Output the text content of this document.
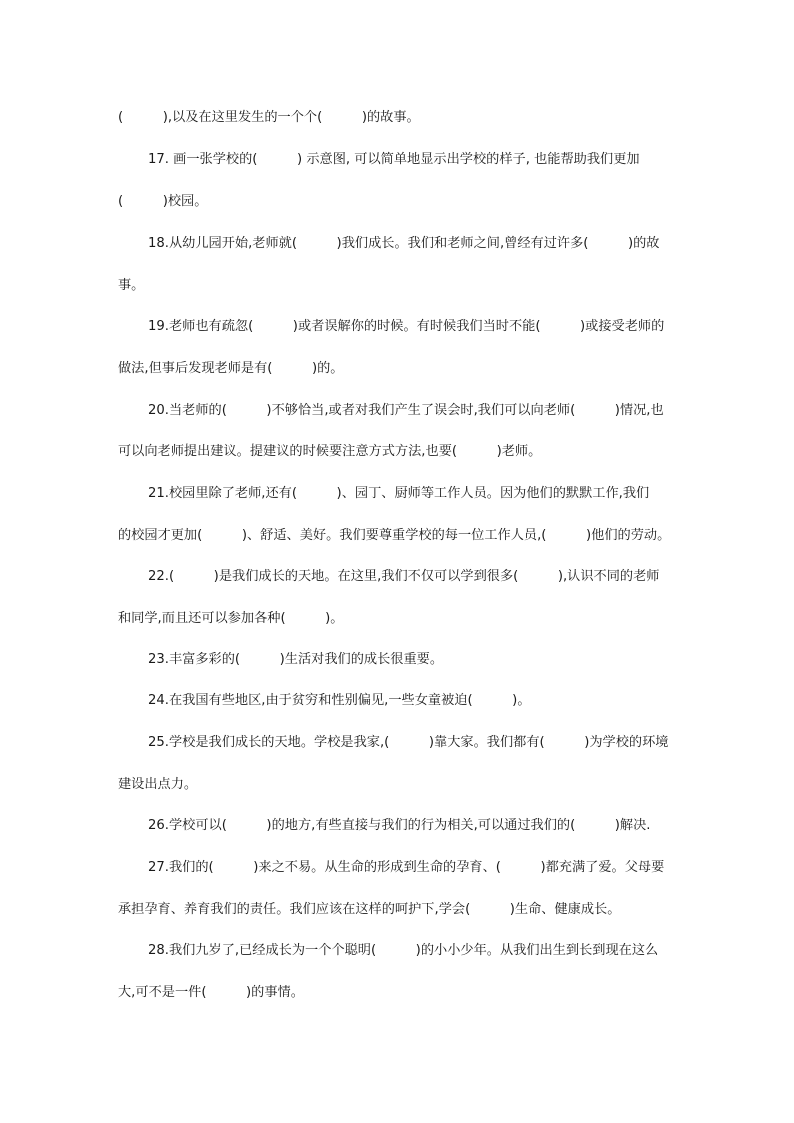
(　　　),以及在这里发生的一个个(　　　)的故事。
17. 画一张学校的(　　　) 示意图, 可以简单地显示出学校的样子, 也能帮助我们更加
(　　　)校园。
18.从幼儿园开始,老师就(　　　)我们成长。我们和老师之间,曾经有过许多(　　　)的故
事。
19.老师也有疏忽(　　　)或者误解你的时候。有时候我们当时不能(　　　)或接受老师的
做法,但事后发现老师是有(　　　)的。
20.当老师的(　　　)不够恰当,或者对我们产生了误会时,我们可以向老师(　　　)情况,也
可以向老师提出建议。提建议的时候要注意方式方法,也要(　　　)老师。
21.校园里除了老师,还有(　　　)、园丁、厨师等工作人员。因为他们的默默工作,我们
的校园才更加(　　　)、舒适、美好。我们要尊重学校的每一位工作人员,(　　　)他们的劳动。
22.(　　　)是我们成长的天地。在这里,我们不仅可以学到很多(　　　),认识不同的老师
和同学,而且还可以参加各种(　　　)。
23.丰富多彩的(　　　)生活对我们的成长很重要。
24.在我国有些地区,由于贫穷和性别偏见,一些女童被迫(　　　)。
25.学校是我们成长的天地。学校是我家,(　　　)靠大家。我们都有(　　　)为学校的环境
建设出点力。
26.学校可以(　　　)的地方,有些直接与我们的行为相关,可以通过我们的(　　　)解决.
27.我们的(　　　)来之不易。从生命的形成到生命的孕育、(　　　)都充满了爱。父母要
承担孕育、养育我们的责任。我们应该在这样的呵护下,学会(　　　)生命、健康成长。
28.我们九岁了,已经成长为一个个聪明(　　　)的小小少年。从我们出生到长到现在这么
大,可不是一件(　　　)的事情。
